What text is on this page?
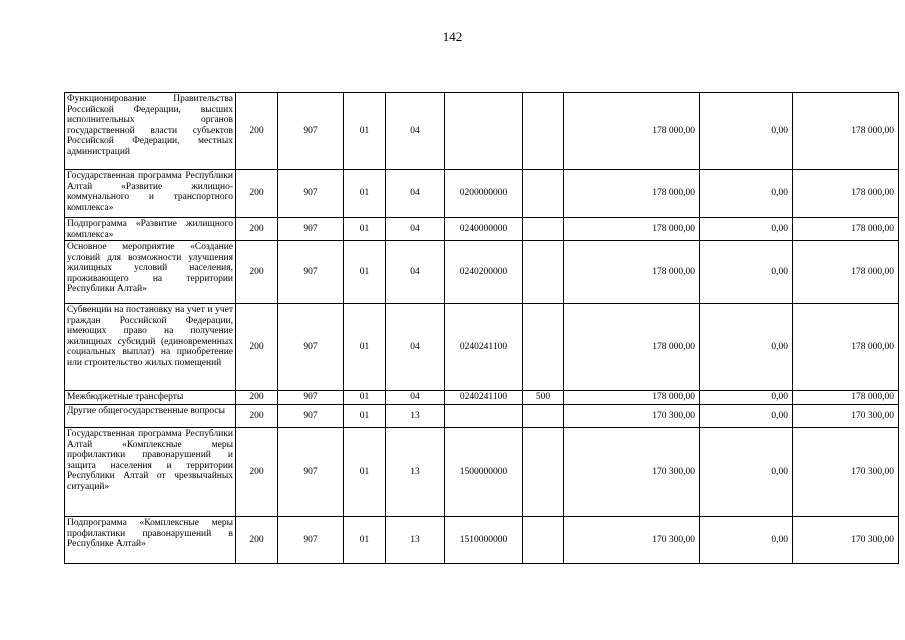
142
Функционирование Правительства Российской Федерации, высших исполнительных органов государственной власти субъектов Российской Федерации, местных администраций	200	907	01	04			178 000,00	0,00	178 000,00
Государственная программа Республики Алтай «Развитие жилищно-коммунального и транспортного комплекса»	200	907	01	04	0200000000		178 000,00	0,00	178 000,00
Подпрограмма «Развитие жилищного комплекса»	200	907	01	04	0240000000		178 000,00	0,00	178 000,00
Основное мероприятие «Создание условий для возможности улучшения жилищных условий населения, проживающего на территории Республики Алтай»	200	907	01	04	0240200000		178 000,00	0,00	178 000,00
Субвенции на постановку на учет и учет граждан Российской Федерации, имеющих право на получение жилищных субсидий (единовременных социальных выплат) на приобретение или строительство жилых помещений	200	907	01	04	0240241100		178 000,00	0,00	178 000,00
Межбюджетные трансферты	200	907	01	04	0240241100	500	178 000,00	0,00	178 000,00
Другие общегосударственные вопросы	200	907	01	13			170 300,00	0,00	170 300,00
Государственная программа Республики Алтай «Комплексные меры профилактики правонарушений и защита населения и территории Республики Алтай от чрезвычайных ситуаций»	200	907	01	13	1500000000		170 300,00	0,00	170 300,00
Подпрограмма «Комплексные меры профилактики правонарушений в Республике Алтай»	200	907	01	13	1510000000		170 300,00	0,00	170 300,00
